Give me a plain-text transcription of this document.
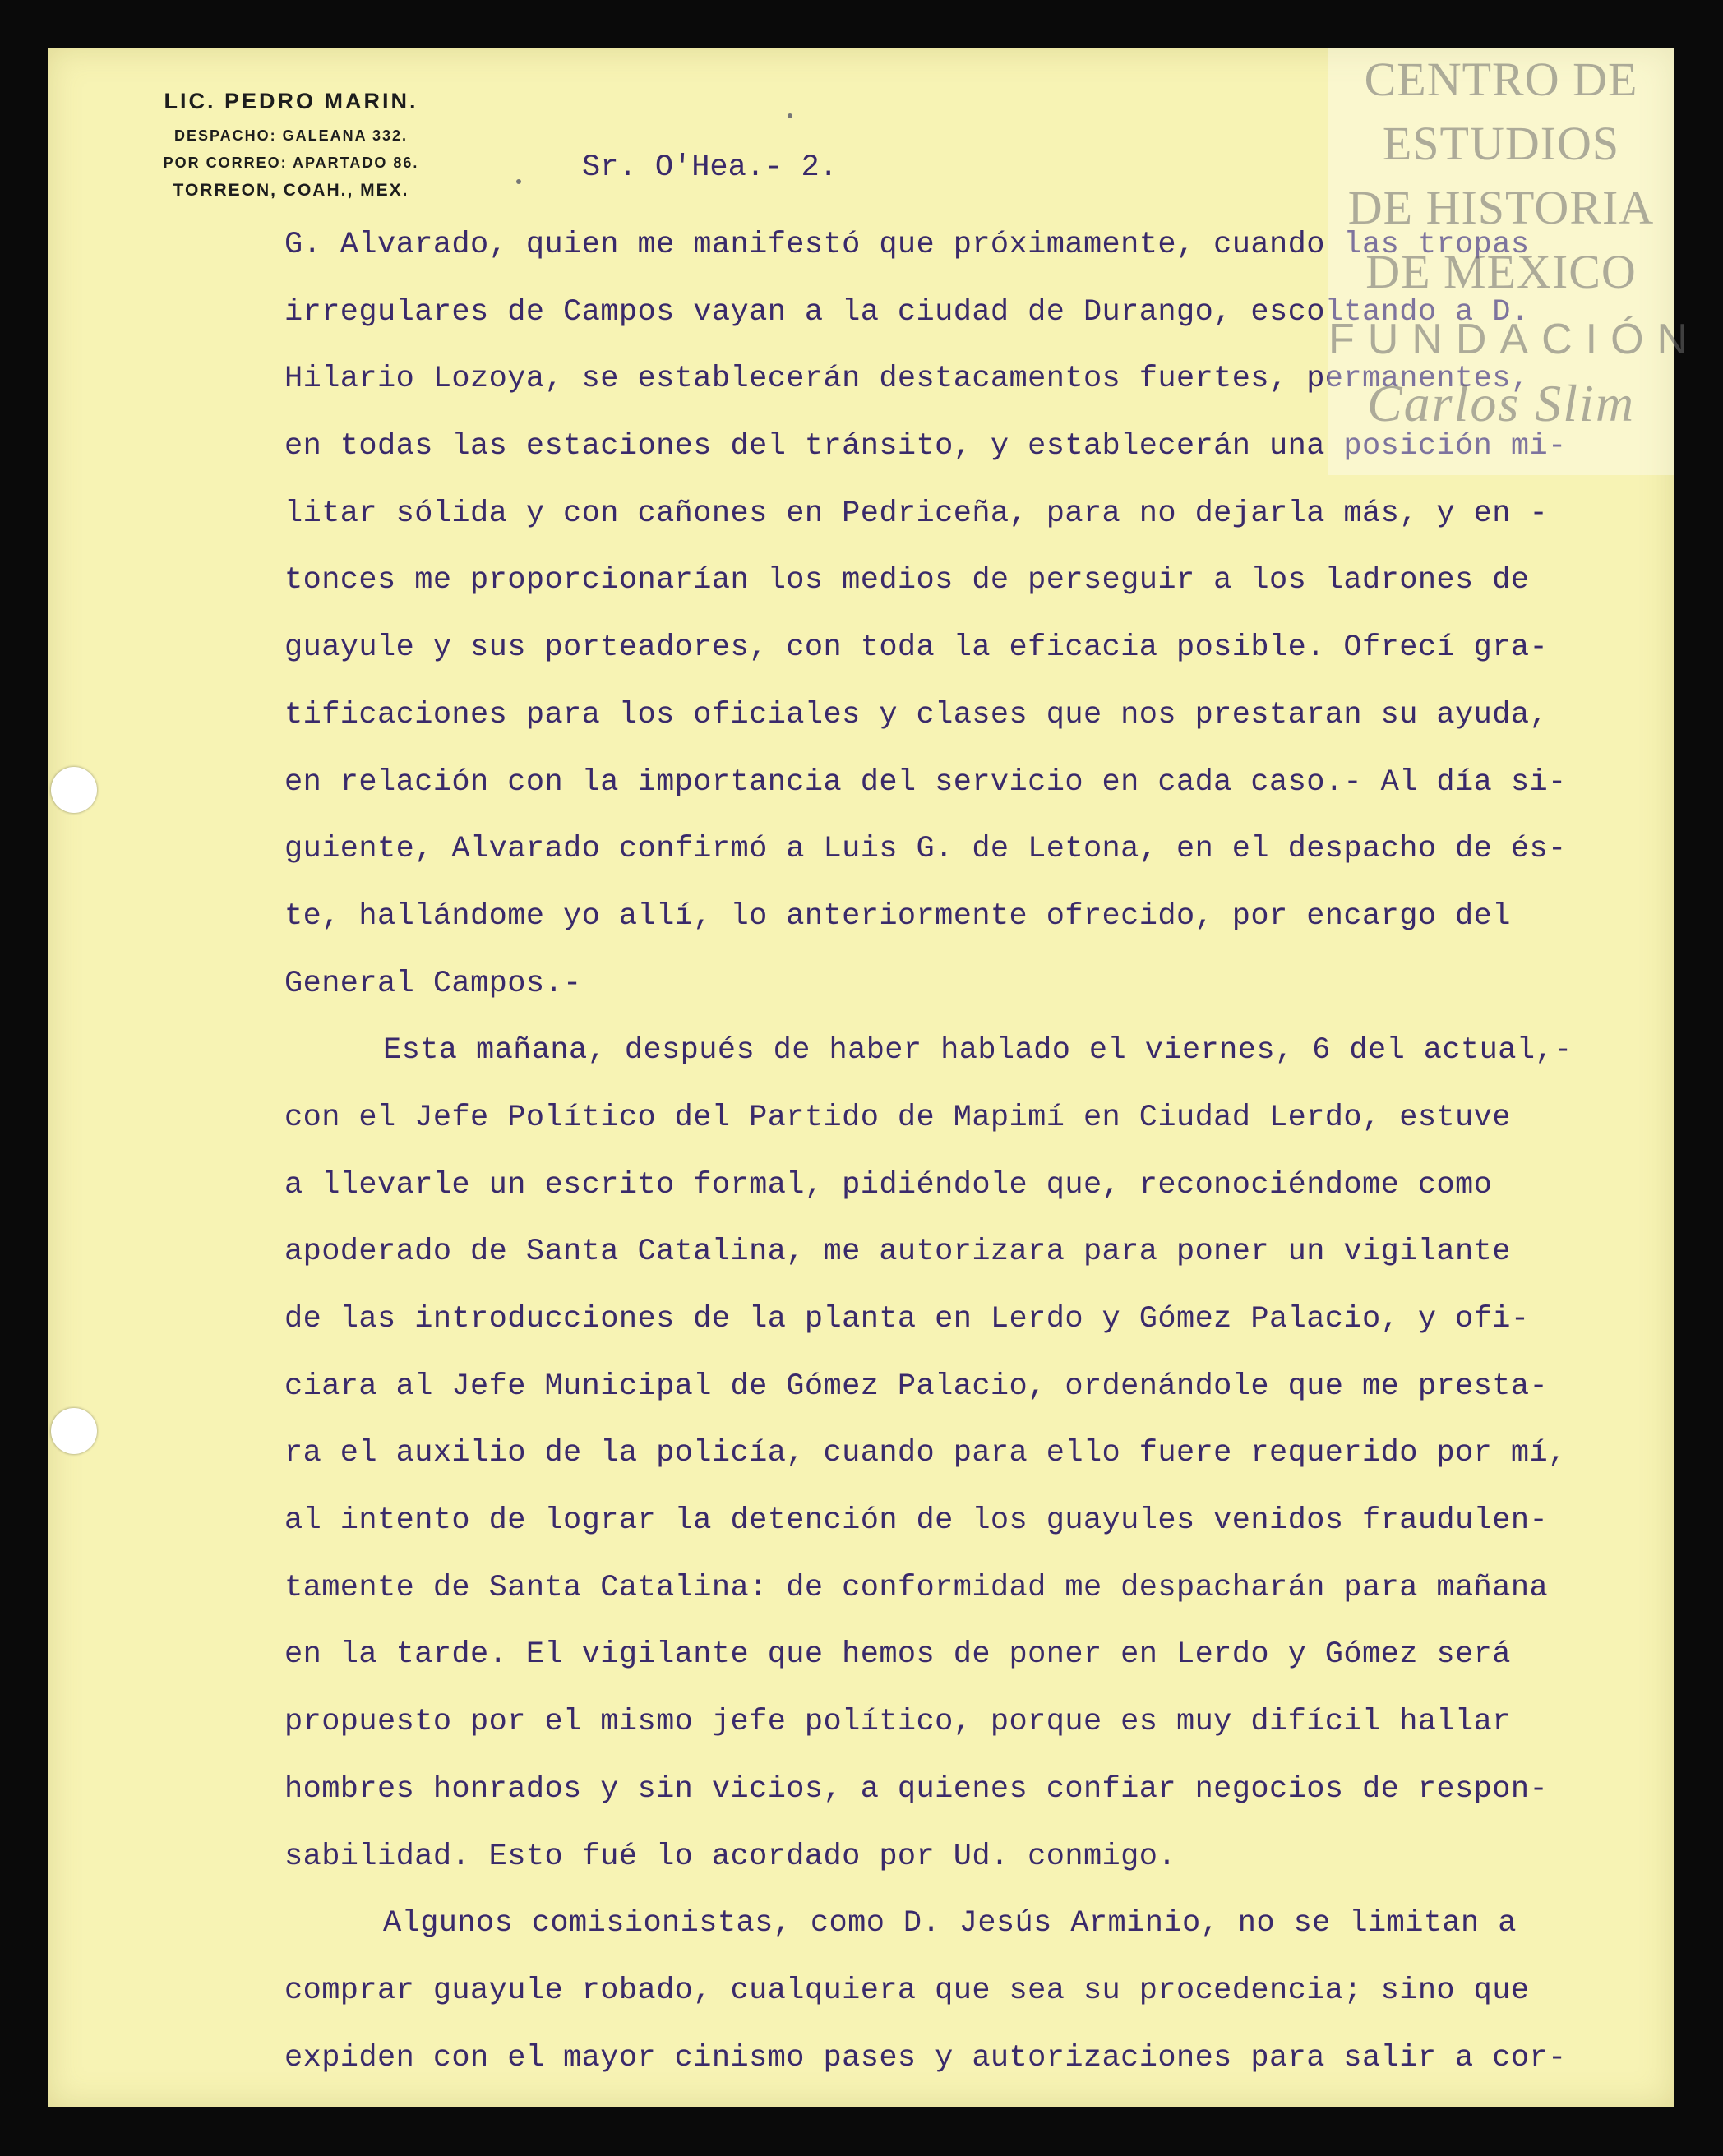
LIC. PEDRO MARIN.
DESPACHO: GALEANA 332.
POR CORREO: APARTADO 86.
TORREON, COAH., MEX.
Sr. O'Hea.- 2.
G. Alvarado, quien me manifestó que próximamente, cuando las tropas
irregulares de Campos vayan a la ciudad de Durango, escoltando a D.
Hilario Lozoya, se establecerán destacamentos fuertes, permanentes,
en todas las estaciones del tránsito, y establecerán una posición mi-
litar sólida y con cañones en Pedriceña, para no dejarla más, y en -
tonces me proporcionarían los medios de perseguir a los ladrones de
guayule y sus porteadores, con toda la eficacia posible. Ofrecí gra-
tificaciones para los oficiales y clases que nos prestaran su ayuda,
en relación con la importancia del servicio en cada caso.- Al día si-
guiente, Alvarado confirmó a Luis G. de Letona, en el despacho de és-
te, hallándome yo allí, lo anteriormente ofrecido, por encargo del
General Campos.-
Esta mañana, después de haber hablado el viernes, 6 del actual,-
con el Jefe Político del Partido de Mapimí en Ciudad Lerdo, estuve
a llevarle un escrito formal, pidiéndole que, reconociéndome como
apoderado de Santa Catalina, me autorizara para poner un vigilante
de las introducciones de la planta en Lerdo y Gómez Palacio, y ofi-
ciara al Jefe Municipal de Gómez Palacio, ordenándole que me presta-
ra el auxilio de la policía, cuando para ello fuere requerido por mí,
al intento de lograr la detención de los guayules venidos fraudulen-
tamente de Santa Catalina: de conformidad me despacharán para mañana
en la tarde. El vigilante que hemos de poner en Lerdo y Gómez será
propuesto por el mismo jefe político, porque es muy difícil hallar
hombres honrados y sin vicios, a quienes confiar negocios de respon-
sabilidad. Esto fué lo acordado por Ud. conmigo.
Algunos comisionistas, como D. Jesús Arminio, no se limitan a
comprar guayule robado, cualquiera que sea su procedencia; sino que
expiden con el mayor cinismo pases y autorizaciones para salir a cor-
CENTRO DE
ESTUDIOS
DE HISTORIA
DE MEXICO
FUNDACIÓN
Carlos Slim
